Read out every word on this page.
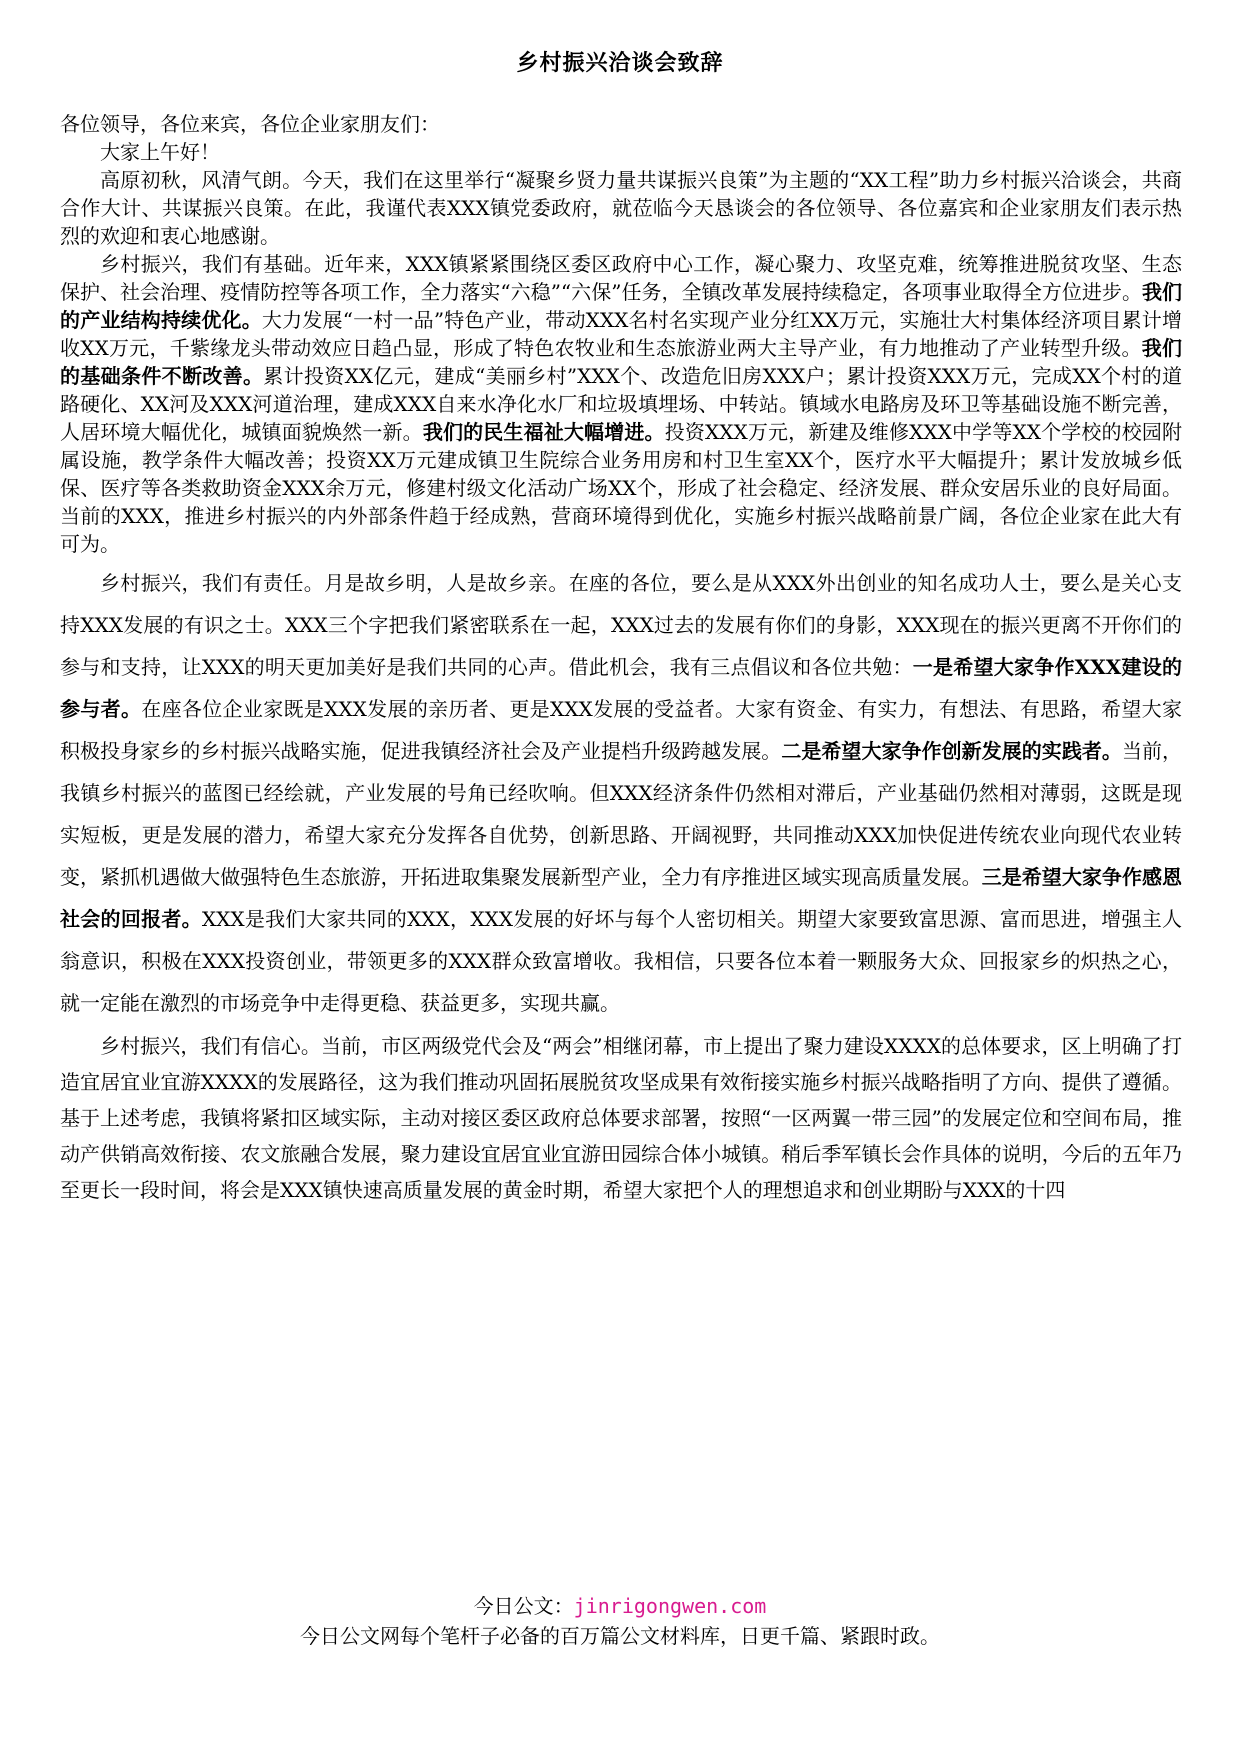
乡村振兴洽谈会致辞

各位领导，各位来宾，各位企业家朋友们：

大家上午好！

高原初秋，风清气朗。今天，我们在这里举行“凝聚乡贤力量共谋振兴良策”为主题的“XX工程”助力乡村振兴洽谈会，共商合作大计、共谋振兴良策。在此，我谨代表XXX镇党委政府，就莅临今天恳谈会的各位领导、各位嘉宾和企业家朋友们表示热烈的欢迎和衷心地感谢。

乡村振兴，我们有基础。近年来，XXX镇紧紧围绕区委区政府中心工作，凝心聚力、攻坚克难，统筹推进脱贫攻坚、生态保护、社会治理、疫情防控等各项工作，全力落实“六稳”“六保”任务，全镇改革发展持续稳定，各项事业取得全方位进步。我们的产业结构持续优化。大力发展“一村一品”特色产业，带动XXX名村名实现产业分红XX万元，实施壮大村集体经济项目累计增收XX万元，千紫缘龙头带动效应日趋凸显，形成了特色农牧业和生态旅游业两大主导产业，有力地推动了产业转型升级。我们的基础条件不断改善。累计投资XX亿元，建成“美丽乡村”XXX个、改造危旧房XXX户；累计投资XXX万元，完成XX个村的道路硬化、XX河及XXX河道治理，建成XXX自来水净化水厂和垃圾填埋场、中转站。镇域水电路房及环卫等基础设施不断完善，人居环境大幅优化，城镇面貌焕然一新。我们的民生福祉大幅增进。投资XXX万元，新建及维修XXX中学等XX个学校的校园附属设施，教学条件大幅改善；投资XX万元建成镇卫生院综合业务用房和村卫生室XX个，医疗水平大幅提升；累计发放城乡低保、医疗等各类救助资金XXX余万元，修建村级文化活动广场XX个，形成了社会稳定、经济发展、群众安居乐业的良好局面。当前的XXX，推进乡村振兴的内外部条件趋于经成熟，营商环境得到优化，实施乡村振兴战略前景广阔，各位企业家在此大有可为。

乡村振兴，我们有责任。月是故乡明，人是故乡亲。在座的各位，要么是从XXX外出创业的知名成功人士，要么是关心支持XXX发展的有识之士。XXX三个字把我们紧密联系在一起，XXX过去的发展有你们的身影，XXX现在的振兴更离不开你们的参与和支持，让XXX的明天更加美好是我们共同的心声。借此机会，我有三点倡议和各位共勉：一是希望大家争作XXX建设的参与者。在座各位企业家既是XXX发展的亲历者、更是XXX发展的受益者。大家有资金、有实力，有想法、有思路，希望大家积极投身家乡的乡村振兴战略实施，促进我镇经济社会及产业提档升级跨越发展。二是希望大家争作创新发展的实践者。当前，我镇乡村振兴的蓝图已经绘就，产业发展的号角已经吹响。但XXX经济条件仍然相对滞后，产业基础仍然相对薄弱，这既是现实短板，更是发展的潜力，希望大家充分发挥各自优势，创新思路、开阔视野，共同推动XXX加快促进传统农业向现代农业转变，紧抓机遇做大做强特色生态旅游，开拓进取集聚发展新型产业，全力有序推进区域实现高质量发展。三是希望大家争作感恩社会的回报者。XXX是我们大家共同的XXX，XXX发展的好坏与每个人密切相关。期望大家要致富思源、富而思进，增强主人翁意识，积极在XXX投资创业，带领更多的XXX群众致富增收。我相信，只要各位本着一颗服务大众、回报家乡的炽热之心，就一定能在激烈的市场竞争中走得更稳、获益更多，实现共赢。

乡村振兴，我们有信心。当前，市区两级党代会及“两会”相继闭幕，市上提出了聚力建设XXXX的总体要求，区上明确了打造宜居宜业宜游XXXX的发展路径，这为我们推动巩固拓展脱贫攻坚成果有效衔接实施乡村振兴战略指明了方向、提供了遵循。基于上述考虑，我镇将紧扣区域实际，主动对接区委区政府总体要求部署，按照“一区两翼一带三园”的发展定位和空间布局，推动产供销高效衔接、农文旅融合发展，聚力建设宜居宜业宜游田园综合体小城镇。稍后季军镇长会作具体的说明，今后的五年乃至更长一段时间，将会是XXX镇快速高质量发展的黄金时期，希望大家把个人的理想追求和创业期盼与XXX的十四

今日公文：jinrigongwen.com
今日公文网每个笔杆子必备的百万篇公文材料库，日更千篇、紧跟时政。
